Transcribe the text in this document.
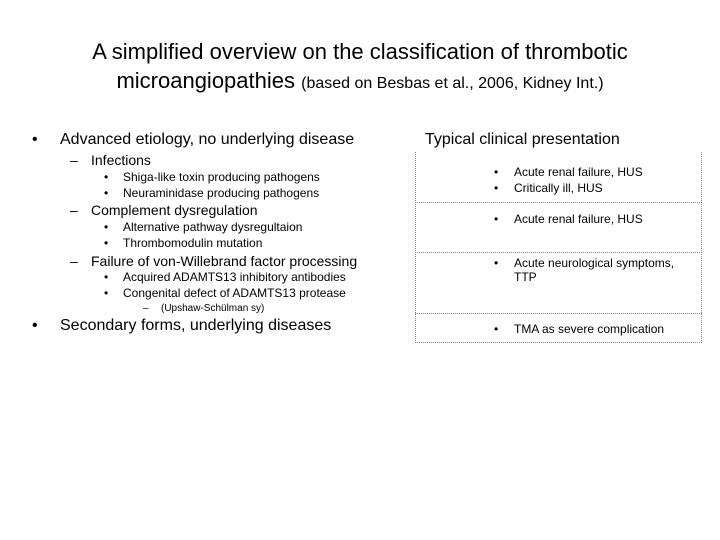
A simplified overview on the classification of thrombotic
microangiopathies (based on Besbas et al., 2006, Kidney Int.)
• Advanced etiology, no underlying disease
– Infections
• Shiga-like toxin producing pathogens
• Neuraminidase producing pathogens
– Complement dysregulation
• Alternative pathway dysregultaion
• Thrombomodulin mutation
– Failure of von-Willebrand factor processing
• Acquired ADAMTS13 inhibitory antibodies
• Congenital defect of ADAMTS13 protease
– (Upshaw-Schülman sy)
• Secondary forms, underlying diseases
Typical clinical presentation
• Acute renal failure, HUS
• Critically ill, HUS
• Acute renal failure, HUS
• Acute neurological symptoms,
TTP
• TMA as severe complication
